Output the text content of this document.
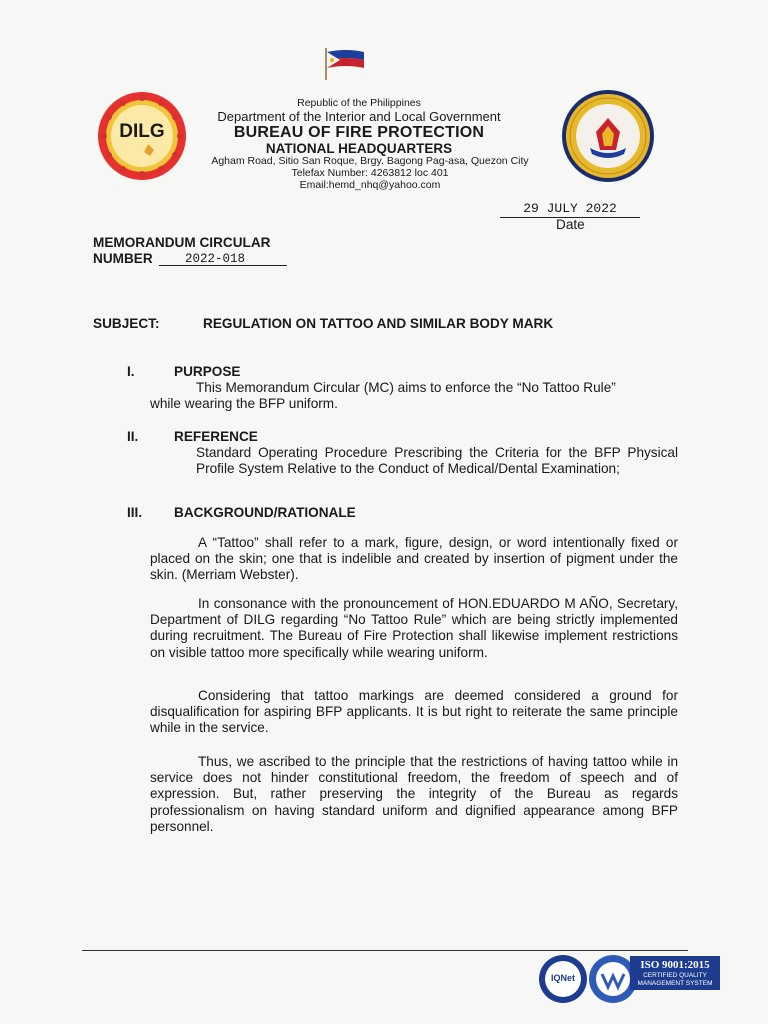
DILG
Republic of the Philippines
Department of the Interior and Local Government
BUREAU OF FIRE PROTECTION
NATIONAL HEADQUARTERS
Agham Road, Sitio San Roque, Brgy. Bagong Pag-asa, Quezon City
Telefax Number: 4263812 loc 401
Email:hemd_nhq@yahoo.com
29 JULY 2022
Date
MEMORANDUM CIRCULAR
NUMBER	2022-018
SUBJECT:	REGULATION ON TATTOO AND SIMILAR BODY MARK
I.	PURPOSE
This Memorandum Circular (MC) aims to enforce the “No Tattoo Rule”
while wearing the BFP uniform.
II.	REFERENCE
Standard Operating Procedure Prescribing the Criteria for the BFP Physical Profile System Relative to the Conduct of Medical/Dental Examination;
III. BACKGROUND/RATIONALE
A “Tattoo” shall refer to a mark, figure, design, or word intentionally fixed or placed on the skin; one that is indelible and created by insertion of pigment under the skin. (Merriam Webster).
In consonance with the pronouncement of HON.EDUARDO M AÑO, Secretary, Department of DILG regarding “No Tattoo Rule” which are being strictly implemented during recruitment. The Bureau of Fire Protection shall likewise implement restrictions on visible tattoo more specifically while wearing uniform.
Considering that tattoo markings are deemed considered a ground for disqualification for aspiring BFP applicants. It is but right to reiterate the same principle while in the service.
Thus, we ascribed to the principle that the restrictions of having tattoo while in service does not hinder constitutional freedom, the freedom of speech and of expression. But, rather preserving the integrity of the Bureau as regards professionalism on having standard uniform and dignified appearance among BFP personnel.
IQNet
ISO 9001:2015
CERTIFIED QUALITY
MANAGEMENT SYSTEM
